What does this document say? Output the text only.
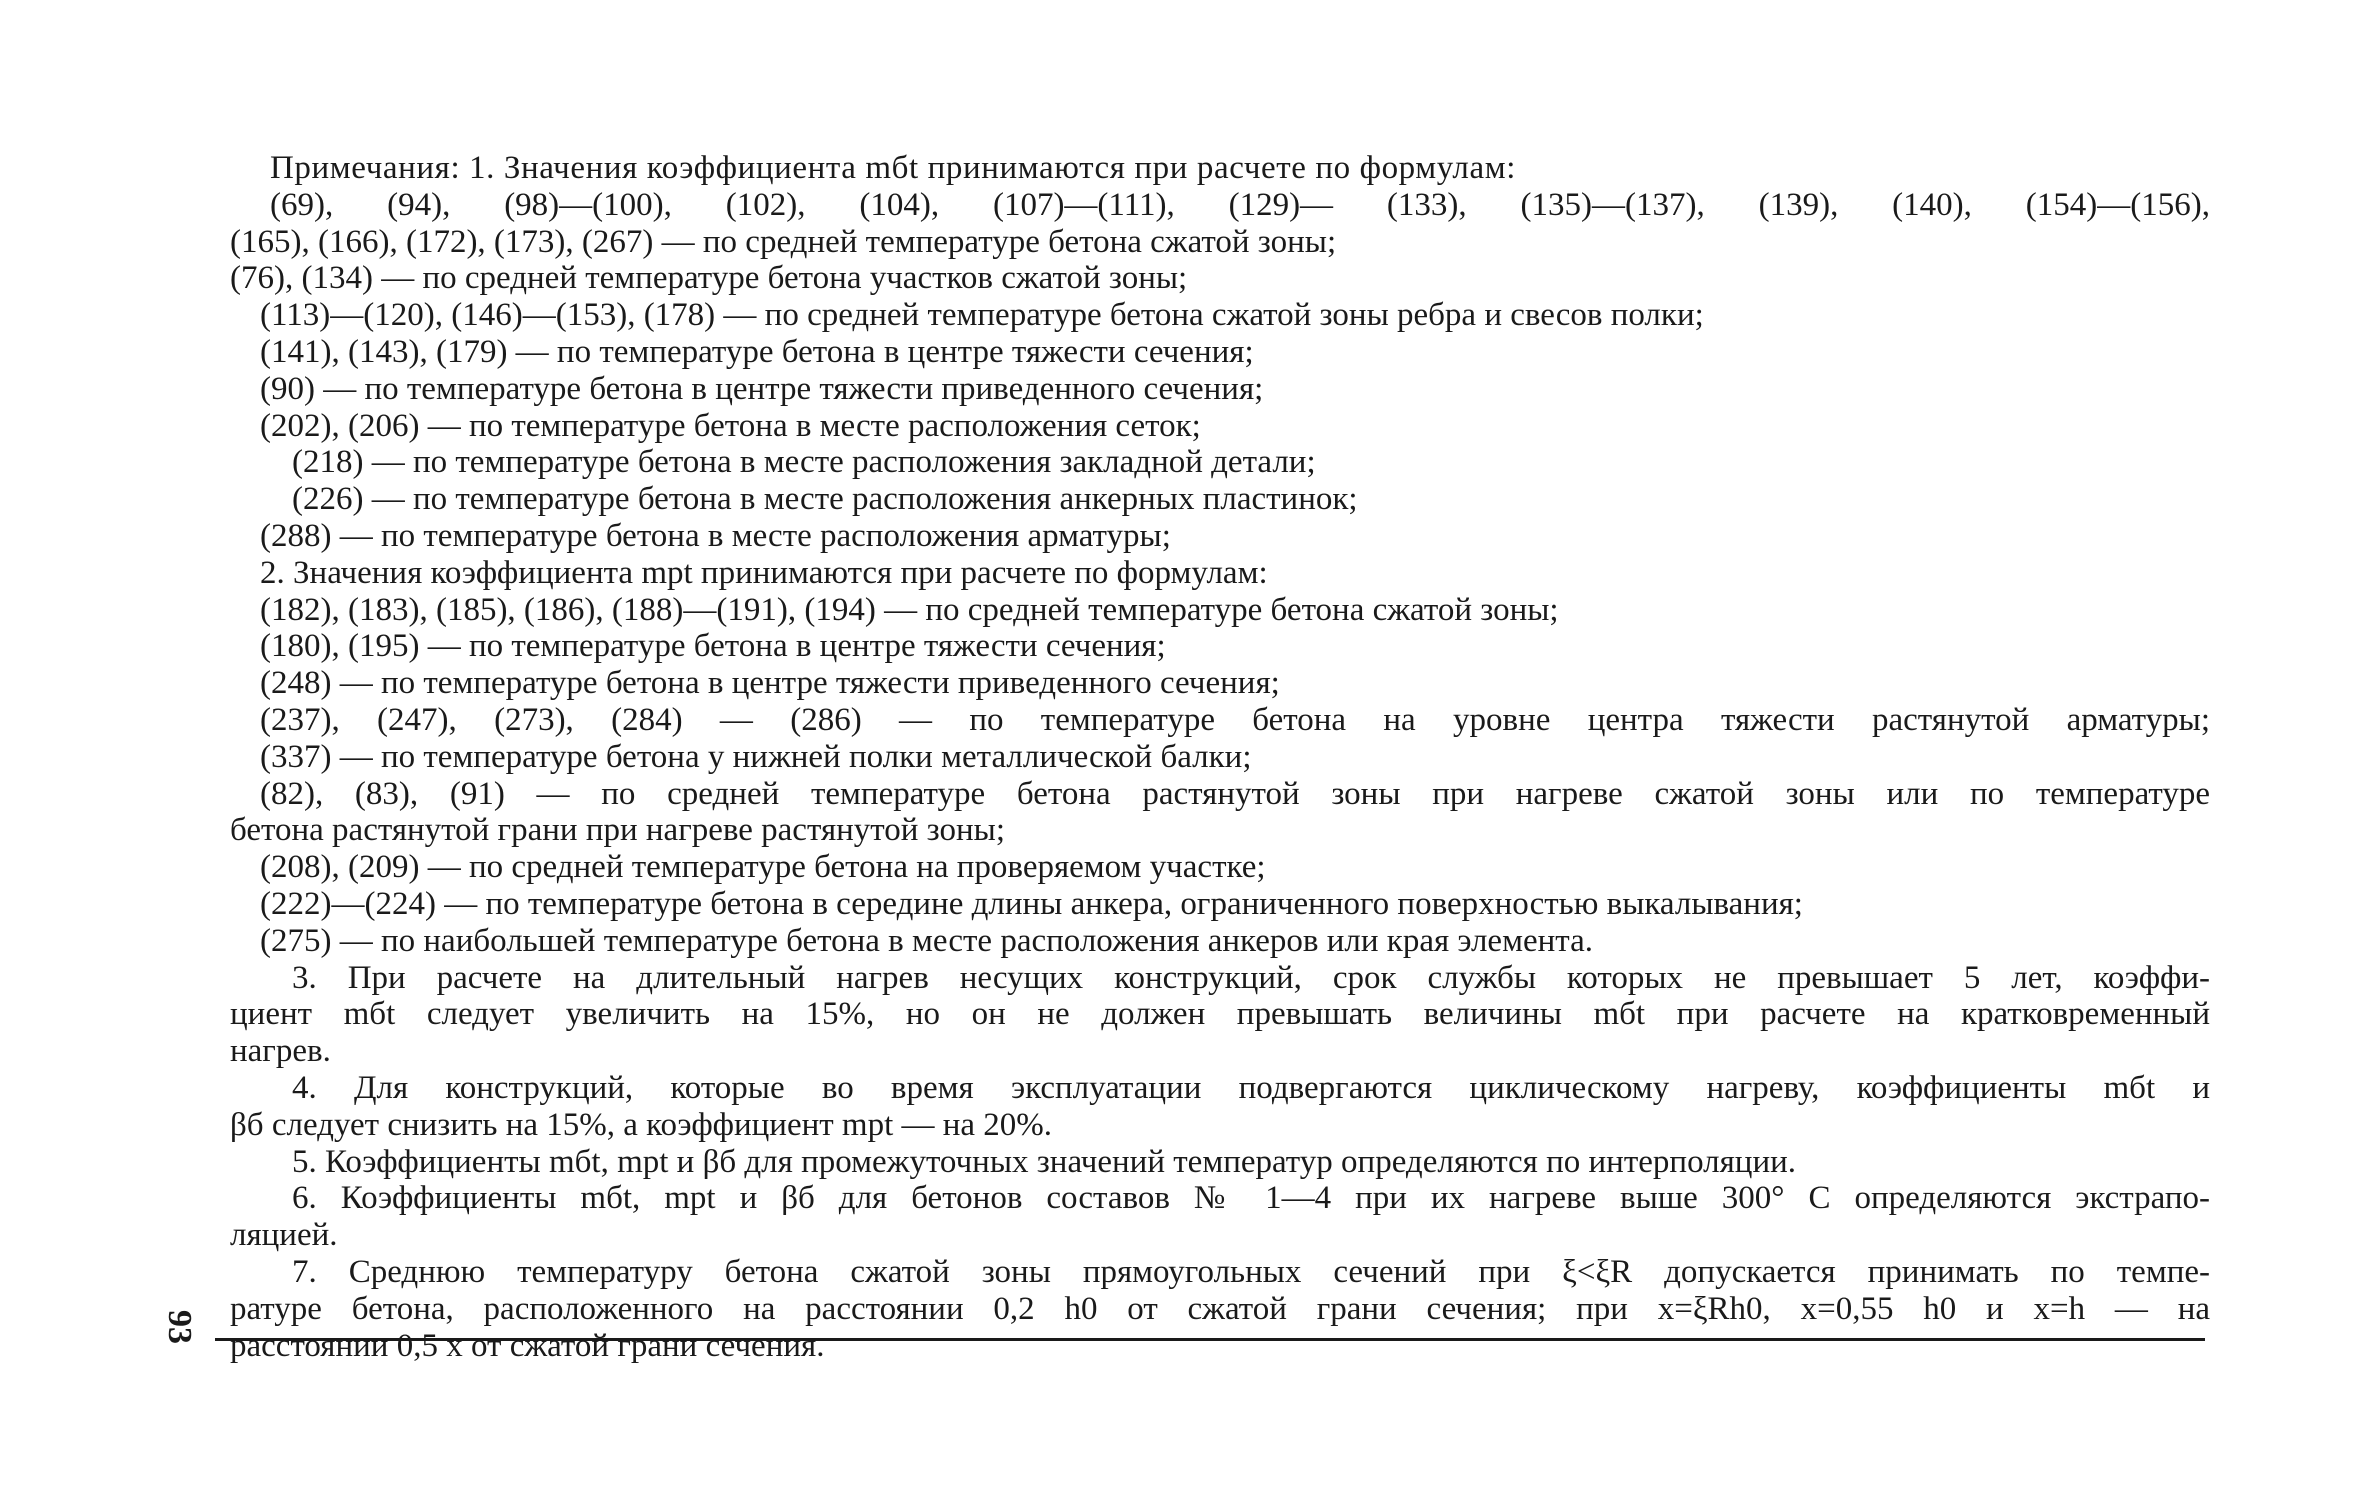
Примечания: 1. Значения коэффициента mбt принимаются при расчете по формулам:
(69), (94), (98)—(100), (102), (104), (107)—(111), (129)— (133), (135)—(137), (139), (140), (154)—(156),
(165), (166), (172), (173), (267) — по средней температуре бетона сжатой зоны;
(76), (134) — по средней температуре бетона участков сжатой зоны;
(113)—(120), (146)—(153), (178) — по средней температуре бетона сжатой зоны ребра и свесов полки;
(141), (143), (179) — по температуре бетона в центре тяжести сечения;
(90) — по температуре бетона в центре тяжести приведенного сечения;
(202), (206) — по температуре бетона в месте расположения сеток;
(218) — по температуре бетона в месте расположения закладной детали;
(226) — по температуре бетона в месте расположения анкерных пластинок;
(288) — по температуре бетона в месте расположения арматуры;
2. Значения коэффициента mpt принимаются при расчете по формулам:
(182), (183), (185), (186), (188)—(191), (194) — по средней температуре бетона сжатой зоны;
(180), (195) — по температуре бетона в центре тяжести сечения;
(248) — по температуре бетона в центре тяжести приведенного сечения;
(237), (247), (273), (284) — (286) — по температуре бетона на уровне центра тяжести растянутой арматуры;
(337) — по температуре бетона у нижней полки металлической балки;
(82), (83), (91) — по средней температуре бетона растянутой зоны при нагреве сжатой зоны или по температуре
бетона растянутой грани при нагреве растянутой зоны;
(208), (209) — по средней температуре бетона на проверяемом участке;
(222)—(224) — по температуре бетона в середине длины анкера, ограниченного поверхностью выкалывания;
(275) — по наибольшей температуре бетона в месте расположения анкеров или края элемента.
3. При расчете на длительный нагрев несущих конструкций, срок службы которых не превышает 5 лет, коэффи-
циент mбt следует увеличить на 15%, но он не должен превышать величины mбt при расчете на кратковременный
нагрев.
4. Для конструкций, которые во время эксплуатации подвергаются циклическому нагреву, коэффициенты mбt и
βб следует снизить на 15%, а коэффициент mpt — на 20%.
5. Коэффициенты mбt, mpt и βб для промежуточных значений температур определяются по интерполяции.
6. Коэффициенты mбt, mpt и βб для бетонов составов № 1—4 при их нагреве выше 300° С определяются экстрапо-
ляцией.
7. Среднюю температуру бетона сжатой зоны прямоугольных сечений при ξ<ξR допускается принимать по темпе-
ратуре бетона, расположенного на расстоянии 0,2 h0 от сжатой грани сечения; при x=ξRh0, x=0,55 h0 и x=h — на
расстоянии 0,5 x от сжатой грани сечения.
93
